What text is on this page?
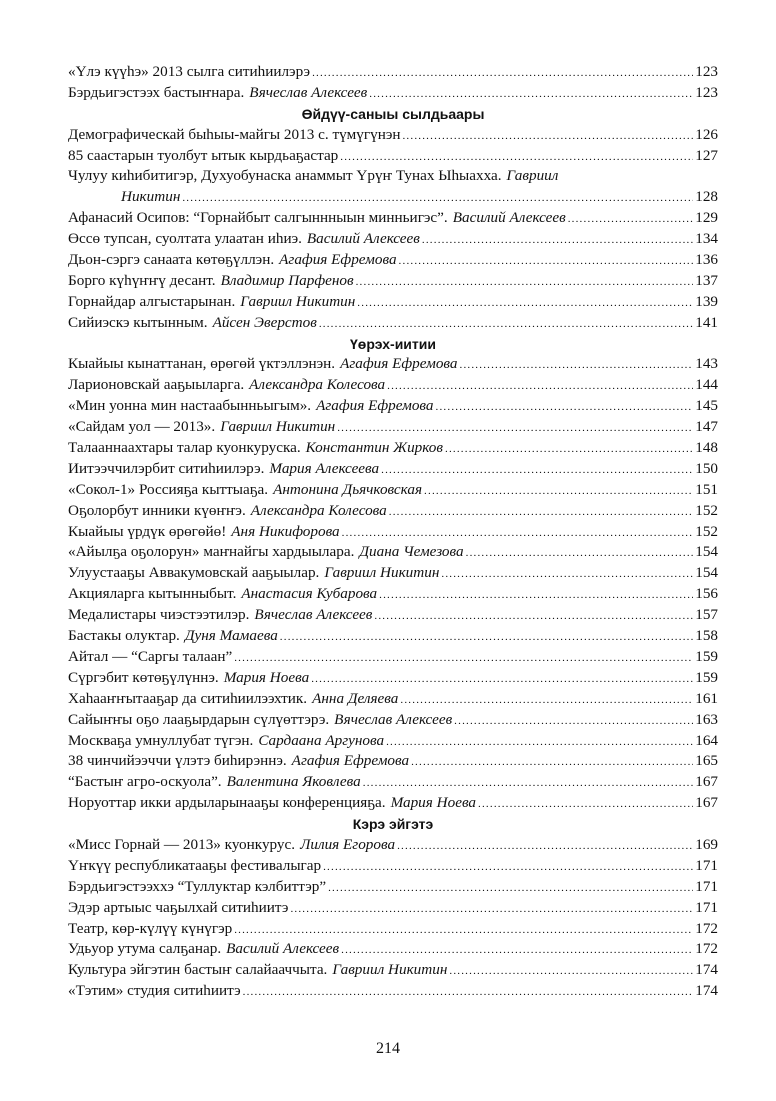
«Үлэ күүһэ» 2013 сылга ситиһиилэрэ .....	123
Бэрдьигэстээх бастыҥнара. Вячеслав Алексеев .....	123
Өйдүү-саныы сылдьаары
Демографическай быһыы-майгы 2013 с. түмүгүнэн .....	126
85 саастарын туолбут ытык кырдьаҕастар .....	127
Чулуу киһибитигэр, Духуобунаска анаммыт Үрүҥ Тунах Ыһыахха. Гавриил
Никитин .....	128
Афанасий Осипов: “Горнайбыт салгыннныын минньигэс”. Василий Алексеев .....	129
Өссө тупсан, суолтата улаатан иһиэ. Василий Алексеев .....	134
Дьон-сэргэ санаата көтөҕүллэн. Агафия Ефремова .....	136
Борго күһүҥҥү десант. Владимир Парфенов .....	137
Горнайдар алгыстарынан. Гавриил Никитин .....	139
Сийиэскэ кытынным. Айсен Эверстов .....	141
Үөрэх-иитии
Кыайыы кынаттанан, өрөгөй үктэллэнэн. Агафия Ефремова .....	143
Ларионовскай ааҕыыларга. Александра Колесова .....	144
«Мин уонна мин настаабынньыгым». Агафия Ефремова .....	145
«Сайдам уол — 2013». Гавриил Никитин .....	147
Талааннаахтары талар куонкуруска. Константин Жирков .....	148
Иитээччилэрбит ситиһиилэрэ. Мария Алексеева .....	150
«Сокол-1» Россияҕа кыттыаҕа. Антонина Дьячковская .....	151
Оҕолорбут инники күөҥҥэ. Александра Колесова .....	152
Кыайыы үрдүк өрөгөйө! Аня Никифорова .....	152
«Айылҕа оҕолорун» маҥнайгы хардыылара. Диана Чемезова .....	154
Улуустааҕы Аввакумовскай ааҕыылар. Гавриил Никитин .....	154
Акцияларга кытынныбыт. Анастасия Кубарова .....	156
Медалистары чиэстээтилэр. Вячеслав Алексеев .....	157
Бастакы олуктар. Дуня Мамаева .....	158
Айтал — “Саргы талаан” .....	159
Сүргэбит көтөҕүлүннэ. Мария Ноева .....	159
Хаһааҥҥытааҕар да ситиһиилээхтик. Анна Деляева .....	161
Сайыҥҥы оҕо лааҕырдарын сүлүөттэрэ. Вячеслав Алексеев .....	163
Москваҕа умнуллубат түгэн. Сардаана Аргунова .....	164
38 чинчийээччи үлэтэ биһирэннэ. Агафия Ефремова .....	165
“Бастыҥ агро-оскуола”. Валентина Яковлева .....	167
Норуоттар икки ардыларынааҕы конференцияҕа. Мария Ноева .....	167
Кэрэ эйгэтэ
«Мисс Горнай — 2013» куонкурус. Лилия Егорова .....	169
Үҥкүү республикатааҕы фестивалыгар .....	171
Бэрдьигэстээххэ “Туллуктар кэлбиттэр” .....	171
Эдэр артыыс чаҕылхай ситиһиитэ .....	171
Театр, көр-күлүү күнүгэр .....	172
Удьуор утума салҕанар. Василий Алексеев .....	172
Культура эйгэтин бастыҥ салайааччыта. Гавриил Никитин .....	174
«Тэтим» студия ситиһиитэ .....	174
214
